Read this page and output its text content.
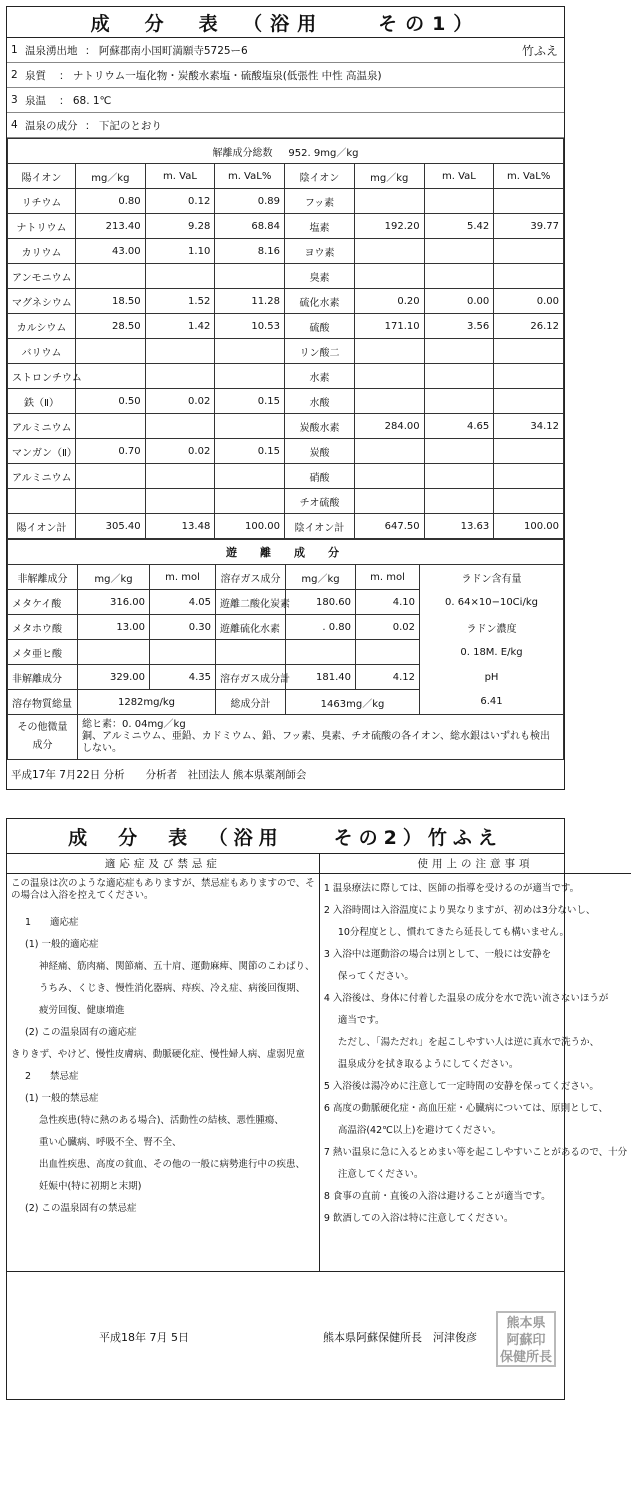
成　分　表　（浴用　　その1）
1 温泉湧出地 ： 阿蘇郡南小国町満願寺5725ー6	竹ふえ
2 泉質	： ナトリウム一塩化物・炭酸水素塩・硫酸塩泉(低張性 中性 高温泉)
3 泉温	： 68. 1℃
4 温泉の成分 ： 下記のとおり
解離成分総数 952. 9mg／kg							
陽イオン	mg／kg	m. VaL	m. VaL%	陰イオン	mg／kg	m. VaL	m. VaL%
リチウム	0.80	0.12	0.89	フッ素			
ナトリウム	213.40	9.28	68.84	塩素	192.20	5.42	39.77
カリウム	43.00	1.10	8.16	ヨウ素			
アンモニウム				臭素			
マグネシウム	18.50	1.52	11.28	硫化水素	0.20	0.00	0.00
カルシウム	28.50	1.42	10.53	硫酸	171.10	3.56	26.12
バリウム				リン酸二			
ストロンチウム				水素			
鉄（Ⅱ）	0.50	0.02	0.15	水酸			
アルミニウム				炭酸水素	284.00	4.65	34.12
マンガン（Ⅱ）	0.70	0.02	0.15	炭酸			
アルミニウム				硝酸			
				チオ硫酸			
陽イオン計	305.40	13.48	100.00	陰イオン計	647.50	13.63	100.00
遊　離　成　分						
非解離成分	mg／kg	m. mol	溶存ガス成分	mg／kg	m. mol	ラドン含有量
メタケイ酸	316.00	4.05	遊離二酸化炭素	180.60	4.10	0. 64×10−10Ci/kg
メタホウ酸	13.00	0.30	遊離硫化水素	. 0.80	0.02	ラドン濃度
メタ亜ヒ酸						0. 18M. E/kg
非解離成分	329.00	4.35	溶存ガス成分計	181.40	4.12	pH
溶存物質総量	1282mg/kg		総成分計	1463mg／kg		6.41
その他微量
成分	総ヒ素：0. 04mg／kg
銅、アルミニウム、亜鉛、カドミウム、鉛、フッ素、臭素、チオ硫酸の各イオン、総水銀はいずれも検出しない。					
平成17年 7月22日 分析　　分析者　社団法人 熊本県薬剤師会
成　分　表　（浴用　　その2）竹ふえ
適応症及び禁忌症
この温泉は次のような適応症もありますが、禁忌症もありますので、そ
の場合は入浴を控えてください。
1　　適応症
(1) 一般的適応症
神経痛、筋肉痛、関節痛、五十肩、運動麻痺、関節のこわばり、
うちみ、くじき、慢性消化器病、痔疾、冷え症、病後回復期、
疲労回復、健康増進
(2) この温泉固有の適応症
きりきず、やけど、慢性皮膚病、動脈硬化症、慢性婦人病、虚弱児童
2　　禁忌症
(1) 一般的禁忌症
急性疾患(特に熱のある場合)、活動性の結核、悪性腫瘍、
重い心臓病、呼吸不全、腎不全、
出血性疾患、高度の貧血、その他の一般に病勢進行中の疾患、
妊娠中(特に初期と末期)
(2) この温泉固有の禁忌症
使用上の注意事項
1 温泉療法に際しては、医師の指導を受けるのが適当です。
2 入浴時間は入浴温度により異なりますが、初めは3分ないし、
10分程度とし、慣れてきたら延長しても構いません。
3 入浴中は運動浴の場合は別として、一般には安静を
保ってください。
4 入浴後は、身体に付着した温泉の成分を水で洗い流さないほうが
適当です。
ただし、「湯ただれ」を起こしやすい人は逆に真水で洗うか、
温泉成分を拭き取るようにしてください。
5 入浴後は湯冷めに注意して一定時間の安静を保ってください。
6 高度の動脈硬化症・高血圧症・心臓病については、原則として、
高温浴(42℃以上)を避けてください。
7 熱い温泉に急に入るとめまい等を起こしやすいことがあるので、十分
注意してください。
8 食事の直前・直後の入浴は避けることが適当です。
9 飲酒しての入浴は特に注意してください。
平成18年 7月 5日	熊本県阿蘇保健所長　河津俊彦
熊本県
阿蘇印
保健所長
